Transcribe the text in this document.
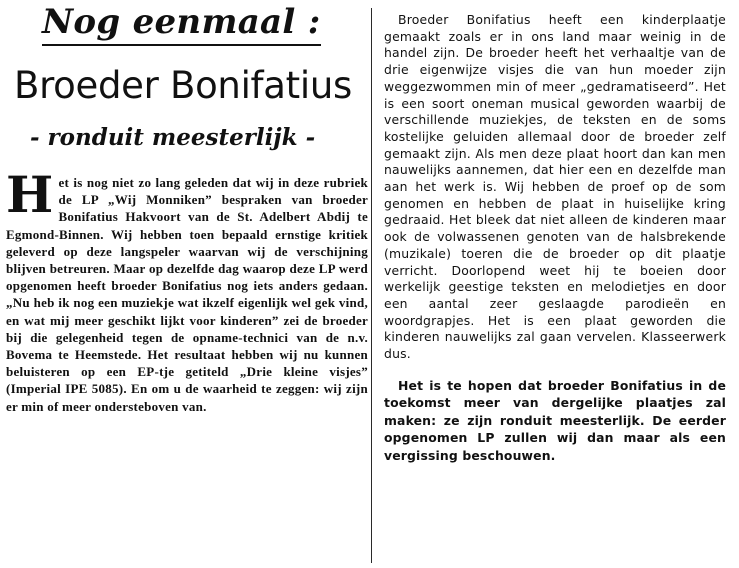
Nog eenmaal :
Broeder Bonifatius
- ronduit meesterlijk -

Het is nog niet zo lang geleden dat wij in deze rubriek de LP „Wij Monniken” bespraken van broeder Bonifatius Hakvoort van de St. Adelbert Abdij te Egmond-Binnen. Wij hebben toen bepaald ernstige kritiek geleverd op deze langspeler waarvan wij de verschijning blijven betreuren. Maar op dezelfde dag waarop deze LP werd opgenomen heeft broeder Bonifatius nog iets anders gedaan. „Nu heb ik nog een muziekje wat ikzelf eigenlijk wel gek vind, en wat mij meer geschikt lijkt voor kinderen” zei de broeder bij die gelegenheid tegen de opname-technici van de n.v. Bovema te Heemstede. Het resultaat hebben wij nu kunnen beluisteren op een EP-tje getiteld „Drie kleine visjes” (Imperial IPE 5085). En om u de waarheid te zeggen: wij zijn er min of meer ondersteboven van.

Broeder Bonifatius heeft een kinderplaatje gemaakt zoals er in ons land maar weinig in de handel zijn. De broeder heeft het verhaaltje van de drie eigenwijze visjes die van hun moeder zijn weggezwommen min of meer „gedramatiseerd”. Het is een soort oneman musical geworden waarbij de verschillende muziekjes, de teksten en de soms kostelijke geluiden allemaal door de broeder zelf gemaakt zijn. Als men deze plaat hoort dan kan men nauwelijks aannemen, dat hier een en dezelfde man aan het werk is. Wij hebben de proef op de som genomen en hebben de plaat in huiselijke kring gedraaid. Het bleek dat niet alleen de kinderen maar ook de volwassenen genoten van de halsbrekende (muzikale) toeren die de broeder op dit plaatje verricht. Doorlopend weet hij te boeien door werkelijk geestige teksten en melodietjes en door een aantal zeer geslaagde parodieën en woordgrapjes. Het is een plaat geworden die kinderen nauwelijks zal gaan vervelen. Klasseerwerk dus.

Het is te hopen dat broeder Bonifatius in de toekomst meer van dergelijke plaatjes zal maken: ze zijn ronduit meesterlijk. De eerder opgenomen LP zullen wij dan maar als een vergissing beschouwen.
